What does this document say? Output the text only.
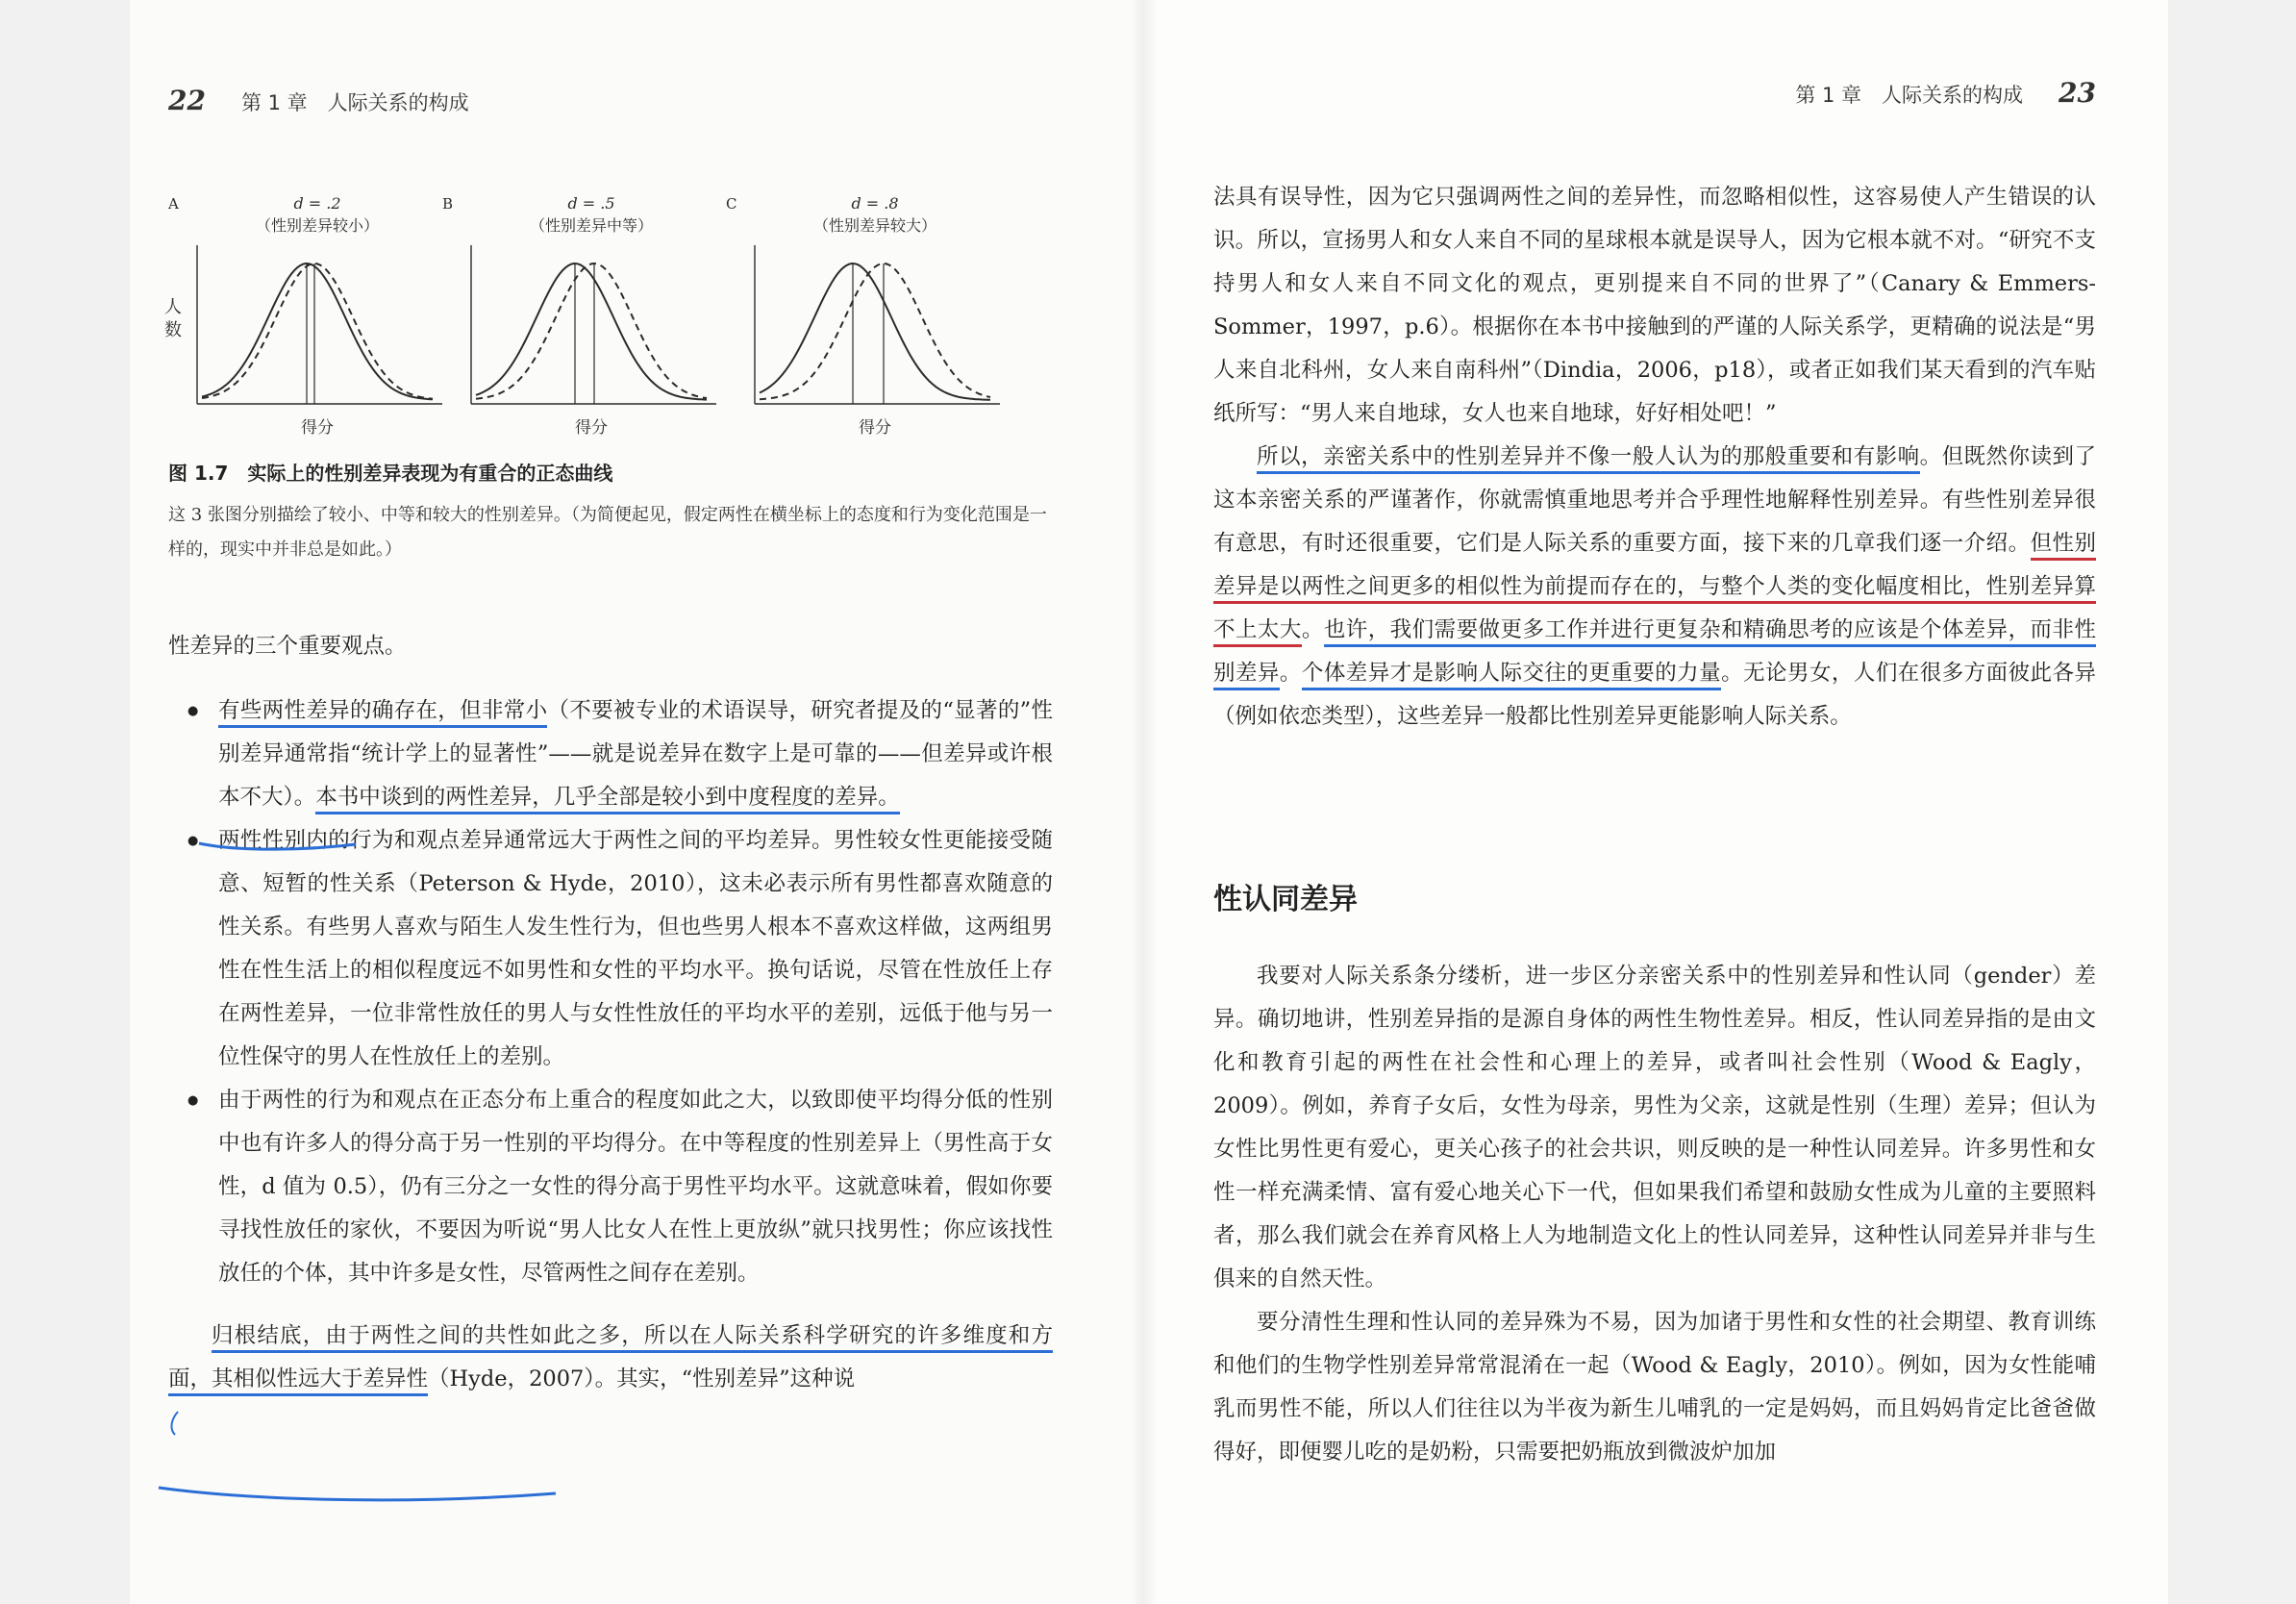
22 第 1 章　人际关系的构成	第 1 章　人际关系的构成 23
A	d = .2
（性别差异较小）
得分
B	d = .5
（性别差异中等）
得分
C	d = .8
（性别差异较大）
得分
人
数
图 1.7　实际上的性别差异表现为有重合的正态曲线
这 3 张图分别描绘了较小、中等和较大的性别差异。（为简便起见，假定两性在横坐标上的态度和行为变化范围是一样的，现实中并非总是如此。）

性差异的三个重要观点。

● 有些两性差异的确存在，但非常小（不要被专业的术语误导，研究者提及的“显著的”性别差异通常指“统计学上的显著性”——就是说差异在数字上是可靠的——但差异或许根本不大）。本书中谈到的两性差异，几乎全部是较小到中度程度的差异。
● 两性性别内的行为和观点差异通常远大于两性之间的平均差异。男性较女性更能接受随意、短暂的性关系（Peterson & Hyde，2010），这未必表示所有男性都喜欢随意的性关系。有些男人喜欢与陌生人发生性行为，但也些男人根本不喜欢这样做，这两组男性在性生活上的相似程度远不如男性和女性的平均水平。换句话说，尽管在性放任上存在两性差异，一位非常性放任的男人与女性性放任的平均水平的差别，远低于他与另一位性保守的男人在性放任上的差别。
● 由于两性的行为和观点在正态分布上重合的程度如此之大，以致即使平均得分低的性别中也有许多人的得分高于另一性别的平均得分。在中等程度的性别差异上（男性高于女性，d 值为 0.5），仍有三分之一女性的得分高于男性平均水平。这就意味着，假如你要寻找性放任的家伙，不要因为听说“男人比女人在性上更放纵”就只找男性；你应该找性放任的个体，其中许多是女性，尽管两性之间存在差别。

归根结底，由于两性之间的共性如此之多，所以在人际关系科学研究的许多维度和方面，其相似性远大于差异性（Hyde，2007）。其实，“性别差异”这种说

法具有误导性，因为它只强调两性之间的差异性，而忽略相似性，这容易使人产生错误的认识。所以，宣扬男人和女人来自不同的星球根本就是误导人，因为它根本就不对。“研究不支持男人和女人来自不同文化的观点，更别提来自不同的世界了”（Canary & Emmers-Sommer，1997，p.6）。根据你在本书中接触到的严谨的人际关系学，更精确的说法是“男人来自北科州，女人来自南科州”（Dindia，2006，p18），或者正如我们某天看到的汽车贴纸所写：“男人来自地球，女人也来自地球，好好相处吧！”

所以，亲密关系中的性别差异并不像一般人认为的那般重要和有影响。但既然你读到了这本亲密关系的严谨著作，你就需慎重地思考并合乎理性地解释性别差异。有些性别差异很有意思，有时还很重要，它们是人际关系的重要方面，接下来的几章我们逐一介绍。但性别差异是以两性之间更多的相似性为前提而存在的，与整个人类的变化幅度相比，性别差异算不上太大。也许，我们需要做更多工作并进行更复杂和精确思考的应该是个体差异，而非性别差异。个体差异才是影响人际交往的更重要的力量。无论男女，人们在很多方面彼此各异（例如依恋类型），这些差异一般都比性别差异更能影响人际关系。

性认同差异

我要对人际关系条分缕析，进一步区分亲密关系中的性别差异和性认同（gender）差异。确切地讲，性别差异指的是源自身体的两性生物性差异。相反，性认同差异指的是由文化和教育引起的两性在社会性和心理上的差异，或者叫社会性别（Wood & Eagly，2009）。例如，养育子女后，女性为母亲，男性为父亲，这就是性别（生理）差异；但认为女性比男性更有爱心，更关心孩子的社会共识，则反映的是一种性认同差异。许多男性和女性一样充满柔情、富有爱心地关心下一代，但如果我们希望和鼓励女性成为儿童的主要照料者，那么我们就会在养育风格上人为地制造文化上的性认同差异，这种性认同差异并非与生俱来的自然天性。

要分清性生理和性认同的差异殊为不易，因为加诸于男性和女性的社会期望、教育训练和他们的生物学性别差异常常混淆在一起（Wood & Eagly，2010）。例如，因为女性能哺乳而男性不能，所以人们往往以为半夜为新生儿哺乳的一定是妈妈，而且妈妈肯定比爸爸做得好，即便婴儿吃的是奶粉，只需要把奶瓶放到微波炉加加
